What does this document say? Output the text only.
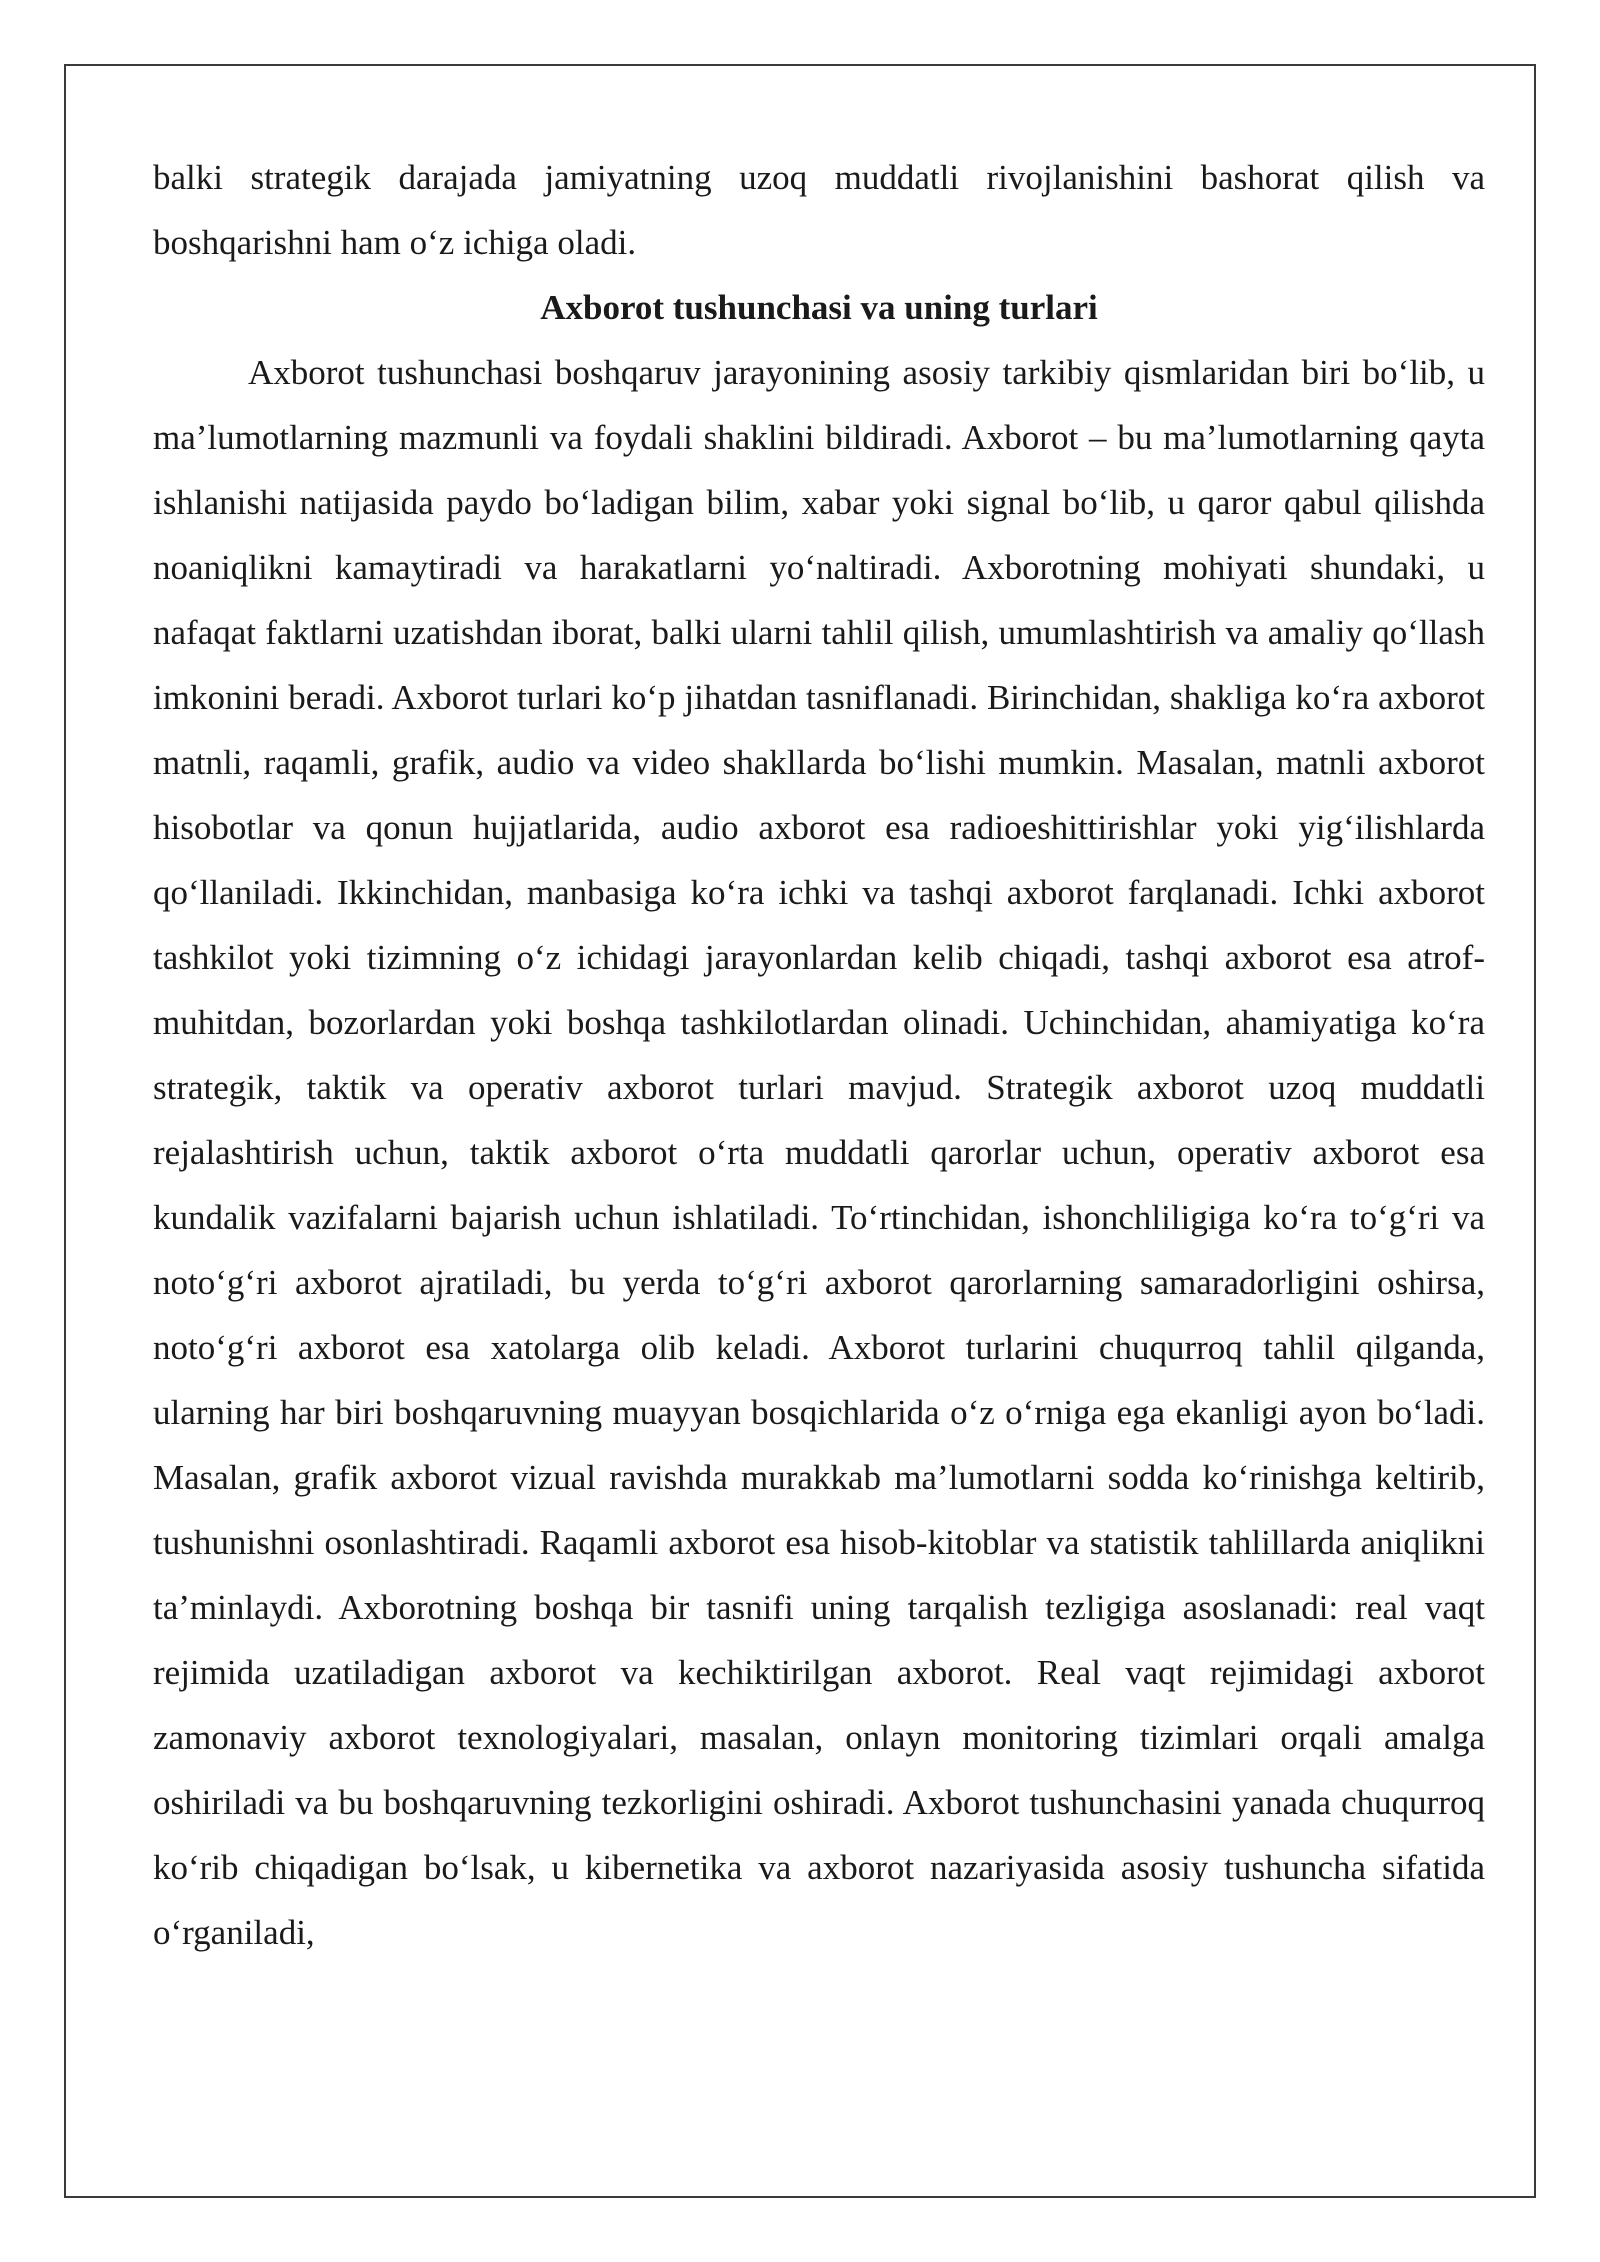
balki strategik darajada jamiyatning uzoq muddatli rivojlanishini bashorat qilish va boshqarishni ham o‘z ichiga oladi.

Axborot tushunchasi va uning turlari

Axborot tushunchasi boshqaruv jarayonining asosiy tarkibiy qismlaridan biri bo‘lib, u ma’lumotlarning mazmunli va foydali shaklini bildiradi. Axborot – bu ma’lumotlarning qayta ishlanishi natijasida paydo bo‘ladigan bilim, xabar yoki signal bo‘lib, u qaror qabul qilishda noaniqlikni kamaytiradi va harakatlarni yo‘naltiradi. Axborotning mohiyati shundaki, u nafaqat faktlarni uzatishdan iborat, balki ularni tahlil qilish, umumlashtirish va amaliy qo‘llash imkonini beradi. Axborot turlari ko‘p jihatdan tasniflanadi. Birinchidan, shakliga ko‘ra axborot matnli, raqamli, grafik, audio va video shakllarda bo‘lishi mumkin. Masalan, matnli axborot hisobotlar va qonun hujjatlarida, audio axborot esa radioeshittirishlar yoki yig‘ilishlarda qo‘llaniladi. Ikkinchidan, manbasiga ko‘ra ichki va tashqi axborot farqlanadi. Ichki axborot tashkilot yoki tizimning o‘z ichidagi jarayonlardan kelib chiqadi, tashqi axborot esa atrof-muhitdan, bozorlardan yoki boshqa tashkilotlardan olinadi. Uchinchidan, ahamiyatiga ko‘ra strategik, taktik va operativ axborot turlari mavjud. Strategik axborot uzoq muddatli rejalashtirish uchun, taktik axborot o‘rta muddatli qarorlar uchun, operativ axborot esa kundalik vazifalarni bajarish uchun ishlatiladi. To‘rtinchidan, ishonchliligiga ko‘ra to‘g‘ri va noto‘g‘ri axborot ajratiladi, bu yerda to‘g‘ri axborot qarorlarning samaradorligini oshirsa, noto‘g‘ri axborot esa xatolarga olib keladi. Axborot turlarini chuqurroq tahlil qilganda, ularning har biri boshqaruvning muayyan bosqichlarida o‘z o‘rniga ega ekanligi ayon bo‘ladi. Masalan, grafik axborot vizual ravishda murakkab ma’lumotlarni sodda ko‘rinishga keltirib, tushunishni osonlashtiradi. Raqamli axborot esa hisob-kitoblar va statistik tahlillarda aniqlikni ta’minlaydi. Axborotning boshqa bir tasnifi uning tarqalish tezligiga asoslanadi: real vaqt rejimida uzatiladigan axborot va kechiktirilgan axborot. Real vaqt rejimidagi axborot zamonaviy axborot texnologiyalari, masalan, onlayn monitoring tizimlari orqali amalga oshiriladi va bu boshqaruvning tezkorligini oshiradi. Axborot tushunchasini yanada chuqurroq ko‘rib chiqadigan bo‘lsak, u kibernetika va axborot nazariyasida asosiy tushuncha sifatida o‘rganiladi,
